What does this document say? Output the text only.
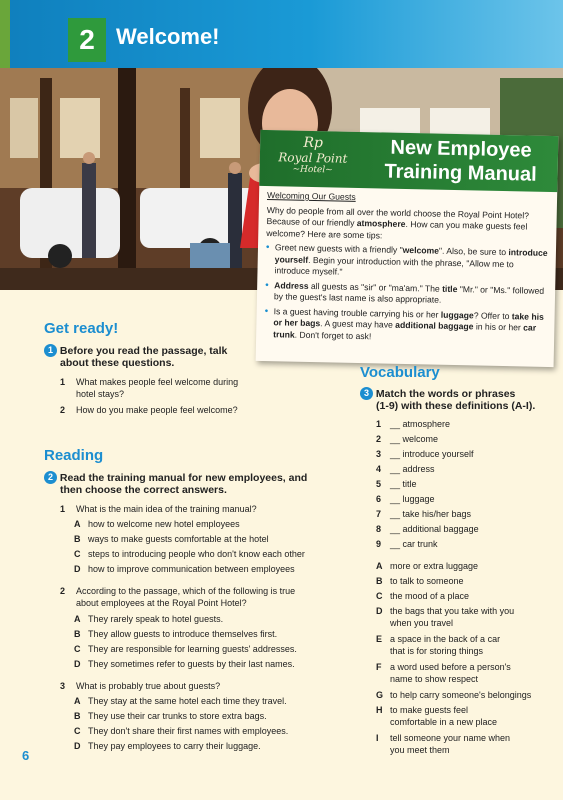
2 Welcome!
Rp
Royal Point
~Hotel~
New Employee
Training Manual
Welcoming Our Guests

Why do people from all over the world choose the Royal Point Hotel? Because of our friendly atmosphere. How can you make guests feel welcome? Here are some tips:

• Greet new guests with a friendly "welcome". Also, be sure to introduce yourself. Begin your introduction with the phrase, "Allow me to introduce myself."
• Address all guests as "sir" or "ma'am." The title "Mr." or "Ms." followed by the guest's last name is also appropriate.
• Is a guest having trouble carrying his or her luggage? Offer to take his or her bags. A guest may have additional baggage in his or her car trunk. Don't forget to ask!
Get ready!
1 Before you read the passage, talk
about these questions.
1 What makes people feel welcome during
hotel stays?
2 How do you make people feel welcome?
Reading
2 Read the training manual for new employees, and
then choose the correct answers.
1 What is the main idea of the training manual?
A how to welcome new hotel employees
B ways to make guests comfortable at the hotel
C steps to introducing people who don't know each other
D how to improve communication between employees
2 According to the passage, which of the following is true
about employees at the Royal Point Hotel?
A They rarely speak to hotel guests.
B They allow guests to introduce themselves first.
C They are responsible for learning guests' addresses.
D They sometimes refer to guests by their last names.
3 What is probably true about guests?
A They stay at the same hotel each time they travel.
B They use their car trunks to store extra bags.
C They don't share their first names with employees.
D They pay employees to carry their luggage.
Vocabulary
3 Match the words or phrases
(1-9) with these definitions (A-I).
1 __ atmosphere
2 __ welcome
3 __ introduce yourself
4 __ address
5 __ title
6 __ luggage
7 __ take his/her bags
8 __ additional baggage
9 __ car trunk
A more or extra luggage
B to talk to someone
C the mood of a place
D the bags that you take with you
when you travel
E a space in the back of a car
that is for storing things
F a word used before a person's
name to show respect
G to help carry someone's belongings
H to make guests feel
comfortable in a new place
I tell someone your name when
you meet them
6
